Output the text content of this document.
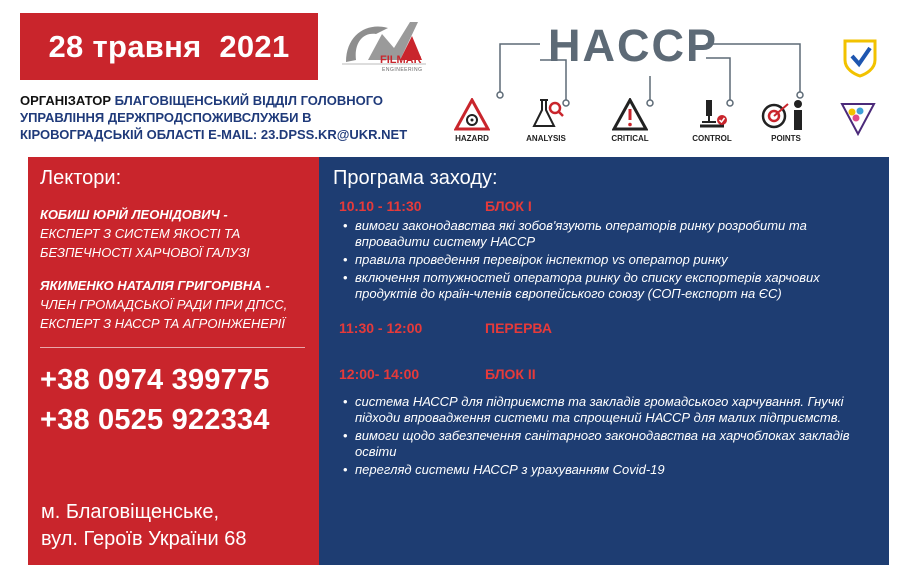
28 травня  2021	FILMAR
ENGINEERING
ОРГАНІЗАТОР БЛАГОВІЩЕНСЬКИЙ ВІДДІЛ ГОЛОВНОГО УПРАВЛІННЯ ДЕРЖПРОДСПОЖИВСЛУЖБИ В КІРОВОГРАДСЬКІЙ ОБЛАСТІ E-MAIL: 23.DPSS.KR@UKR.NET
HACCP
HAZARD	ANALYSIS	CRITICAL	CONTROL	POINTS
Лектори:
КОБИШ ЮРІЙ ЛЕОНІДОВИЧ -
ЕКСПЕРТ З СИСТЕМ ЯКОСТІ ТА БЕЗПЕЧНОСТІ ХАРЧОВОЇ ГАЛУЗІ
ЯКИМЕНКО НАТАЛІЯ ГРИГОРІВНА -
ЧЛЕН ГРОМАДСЬКОЇ РАДИ ПРИ ДПСС, ЕКСПЕРТ З НАССР ТА АГРОІНЖЕНЕРІЇ
+38 0974 399775
+38 0525 922334
м. Благовіщенське,
вул. Героїв України 68
Програма заходу:
10.10 - 11:30	БЛОК І
• вимоги законодавства які зобов'язують операторів ринку розробити та впровадити систему НАССР
• правила проведення перевірок інспектор vs оператор ринку
• включення потужностей оператора ринку до списку експортерів харчових продуктів до країн-членів європейського союзу (СОП-експорт на ЄС)
11:30 - 12:00	ПЕРЕРВА
12:00- 14:00	БЛОК ІІ
• система НАССР для підприємств та закладів громадського харчування. Гнучкі підходи впровадження системи та спрощений НАССР для малих підприємств.
• вимоги щодо забезпечення санітарного законодавства на харчоблоках закладів освіти
• перегляд системи НАССР з урахуванням Covid-19
